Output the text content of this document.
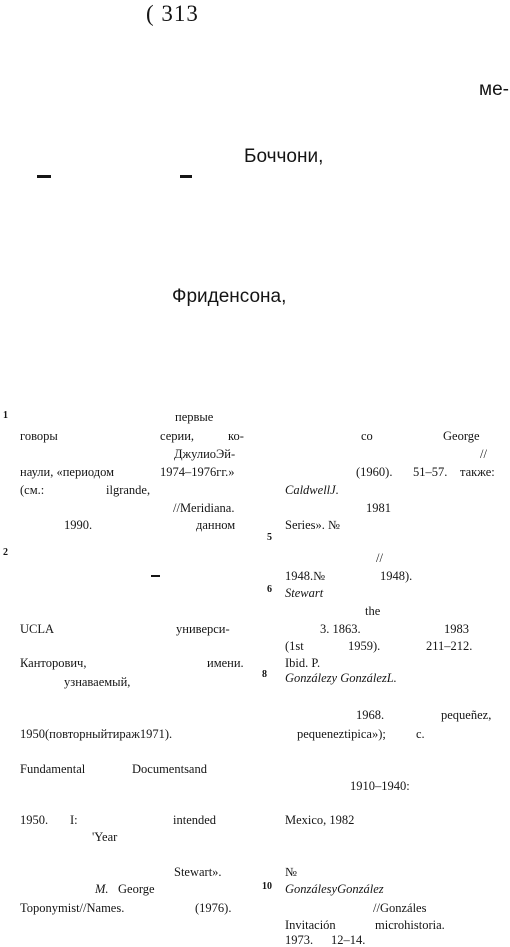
( 313
ме-
Боччони,
Фриденсона,
1	первые
говоры	серии,	ко-
ДжулиоЭй-
наули, «периодом	1974–1976гг.»
(см.:	ilgrande,
//Meridiana.
1990.	данном
2
UCLA	универси-
Канторович,	имени.
узнаваемый,
1950(повторныйтираж1971).
Fundamental	Documentsand
1950. I:	intended
'Year
Stewart».
M. George
Toponymist//Names.	(1976).
co	George
//
(1960). 51–57. также:
CaldwellJ.
1981
Series». №
5
//
1948.№	1948).
6 Stewart
the
3. 1863.	1983
(1st	1959).	211–212.
Ibid. P.
8 Gonzálezy GonzálezL.
1968.	pequeñez,
pequeneztipica»); c.
1910–1940:
Mexico, 1982
№
10 GonzálesyGonzález
//Gonzáles
Invitación	microhistoria.
1973. 12–14.
